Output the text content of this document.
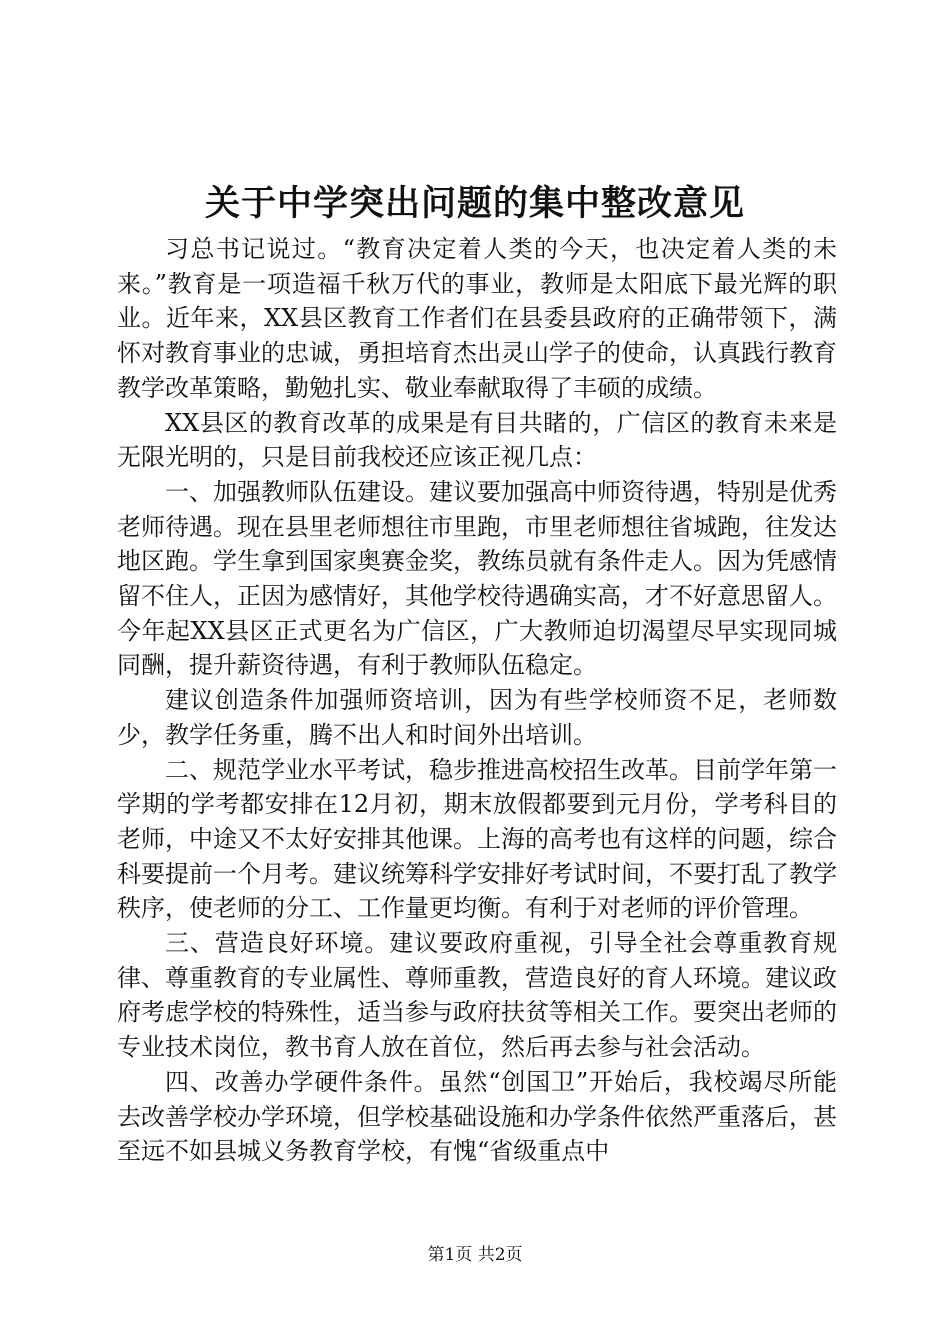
关于中学突出问题的集中整改意见

习总书记说过。“教育决定着人类的今天，也决定着人类的未来。”教育是一项造福千秋万代的事业，教师是太阳底下最光辉的职业。近年来，XX县区教育工作者们在县委县政府的正确带领下，满怀对教育事业的忠诚，勇担培育杰出灵山学子的使命，认真践行教育教学改革策略，勤勉扎实、敬业奉献取得了丰硕的成绩。

XX县区的教育改革的成果是有目共睹的，广信区的教育未来是无限光明的，只是目前我校还应该正视几点：

一、加强教师队伍建设。建议要加强高中师资待遇，特别是优秀老师待遇。现在县里老师想往市里跑，市里老师想往省城跑，往发达地区跑。学生拿到国家奥赛金奖，教练员就有条件走人。因为凭感情留不住人，正因为感情好，其他学校待遇确实高，才不好意思留人。今年起XX县区正式更名为广信区，广大教师迫切渴望尽早实现同城同酬，提升薪资待遇，有利于教师队伍稳定。

建议创造条件加强师资培训，因为有些学校师资不足，老师数少，教学任务重，腾不出人和时间外出培训。

二、规范学业水平考试，稳步推进高校招生改革。目前学年第一学期的学考都安排在12月初，期末放假都要到元月份，学考科目的老师，中途又不太好安排其他课。上海的高考也有这样的问题，综合科要提前一个月考。建议统筹科学安排好考试时间，不要打乱了教学秩序，使老师的分工、工作量更均衡。有利于对老师的评价管理。

三、营造良好环境。建议要政府重视，引导全社会尊重教育规律、尊重教育的专业属性、尊师重教，营造良好的育人环境。建议政府考虑学校的特殊性，适当参与政府扶贫等相关工作。要突出老师的专业技术岗位，教书育人放在首位，然后再去参与社会活动。

四、改善办学硬件条件。虽然“创国卫”开始后，我校竭尽所能去改善学校办学环境，但学校基础设施和办学条件依然严重落后，甚至远不如县城义务教育学校，有愧“省级重点中

第1页 共2页
